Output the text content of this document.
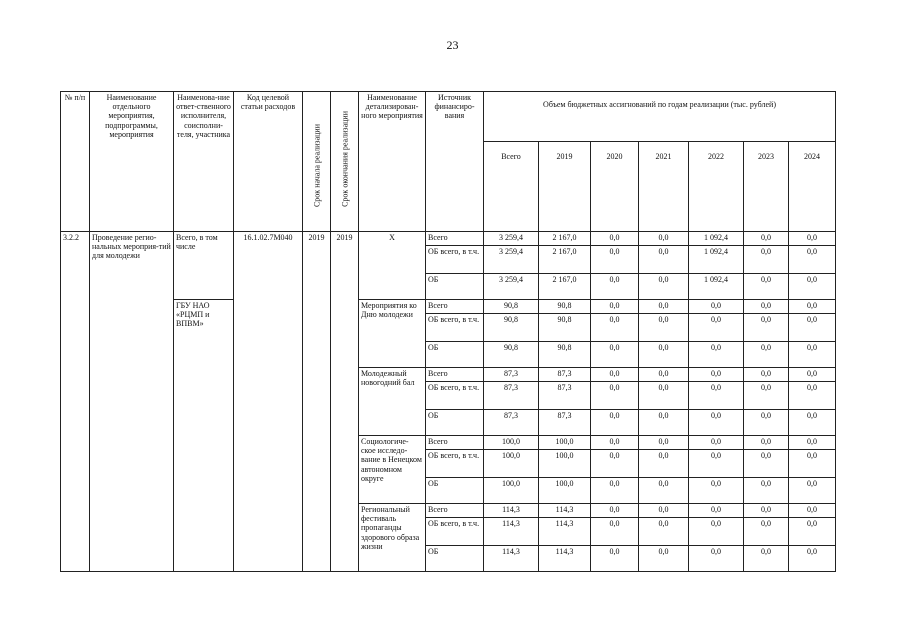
23
№ п/п	Наименование отдельного мероприятия, подпрограммы, мероприятия	Наименова-ние ответ-ственного исполнителя, соисполни-теля, участника	Код целевой статьи расходов	Срок начала реализации	Срок окончания реализации	Наименование детализирован-ного мероприятия	Источник финансиро-вания	Объем бюджетных ассигнований по годам реализации (тыс. рублей)						
								Всего	2019	2020	2021	2022	2023	2024
3.2.2	Проведение регио-нальных мероприя-тий для молодежи	Всего, в том числе	16.1.02.7М040	2019	2019	Х	Всего	3 259,4	2 167,0	0,0	0,0	1 092,4	0,0	0,0
							ОБ всего, в т.ч.	3 259,4	2 167,0	0,0	0,0	1 092,4	0,0	0,0
							ОБ	3 259,4	2 167,0	0,0	0,0	1 092,4	0,0	0,0
		ГБУ НАО «РЦМП и ВПВМ»				Мероприятия ко Дню молодежи	Всего	90,8	90,8	0,0	0,0	0,0	0,0	0,0
							ОБ всего, в т.ч.	90,8	90,8	0,0	0,0	0,0	0,0	0,0
							ОБ	90,8	90,8	0,0	0,0	0,0	0,0	0,0
						Молодежный новогодний бал	Всего	87,3	87,3	0,0	0,0	0,0	0,0	0,0
							ОБ всего, в т.ч.	87,3	87,3	0,0	0,0	0,0	0,0	0,0
							ОБ	87,3	87,3	0,0	0,0	0,0	0,0	0,0
						Социологиче-ское исследо-вание в Ненецком автономном округе	Всего	100,0	100,0	0,0	0,0	0,0	0,0	0,0
							ОБ всего, в т.ч.	100,0	100,0	0,0	0,0	0,0	0,0	0,0
							ОБ	100,0	100,0	0,0	0,0	0,0	0,0	0,0
						Региональный фестиваль пропаганды здорового образа жизни	Всего	114,3	114,3	0,0	0,0	0,0	0,0	0,0
							ОБ всего, в т.ч.	114,3	114,3	0,0	0,0	0,0	0,0	0,0
							ОБ	114,3	114,3	0,0	0,0	0,0	0,0	0,0
